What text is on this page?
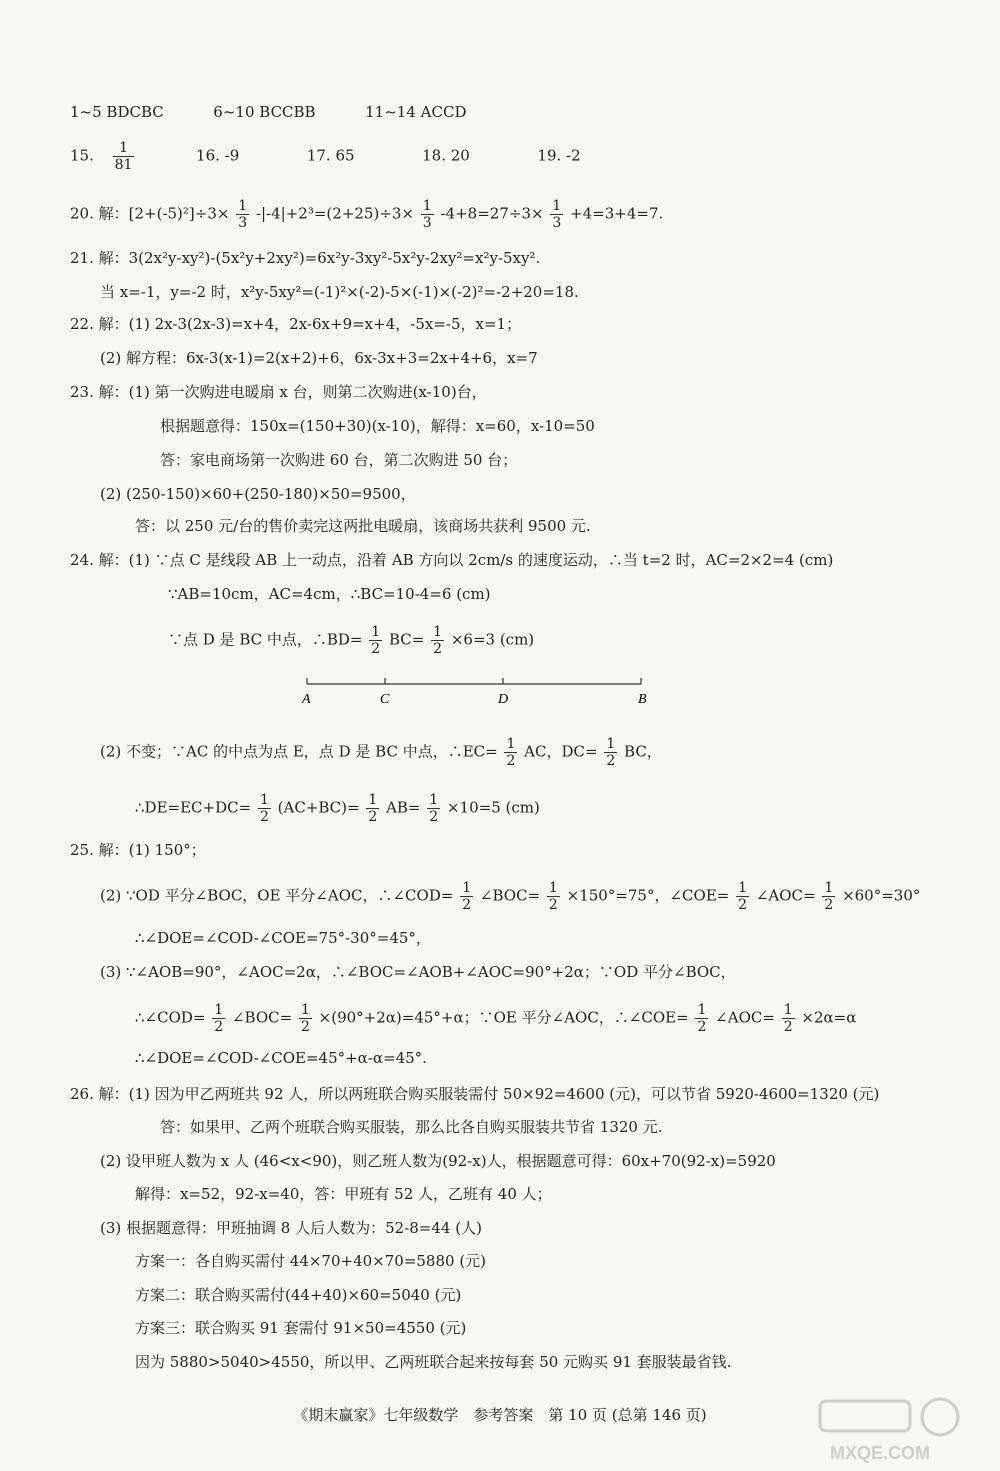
1~5 BDCBC	6~10 BCCBB	11~14 ACCD
15. $\frac{1}{81}$	16. -9	17. 65	18. 20	19. -2
20. 解：$[2+(-5)^2]\div 3\times \frac{1}{3} -|-4|+2^3=(2+25)\div 3\times \frac{1}{3} -4+8=27\div 3\times \frac{1}{3} +4=3+4=7$.
21. 解：3(2x²y-xy²)-(5x²y+2xy²)=6x²y-3xy²-5x²y-2xy²=x²y-5xy².
当 x=-1，y=-2 时，x²y-5xy²=(-1)²×(-2)-5×(-1)×(-2)²=-2+20=18.
22. 解：(1) 2x-3(2x-3)=x+4，2x-6x+9=x+4，-5x=-5，x=1；
(2) 解方程：6x-3(x-1)=2(x+2)+6，6x-3x+3=2x+4+6，x=7
23. 解：(1) 第一次购进电暖扇 x 台，则第二次购进(x-10)台，
根据题意得：150x=(150+30)(x-10)，解得：x=60，x-10=50
答：家电商场第一次购进 60 台，第二次购进 50 台；
(2) (250-150)×60+(250-180)×50=9500，
答：以 250 元/台的售价卖完这两批电暖扇，该商场共获利 9500 元.
24. 解：(1) ∵点 C 是线段 AB 上一动点，沿着 AB 方向以 2cm/s 的速度运动，∴当 t=2 时，AC=2×2=4 (cm)
∵AB=10cm，AC=4cm，∴BC=10-4=6 (cm)
∵点 D 是 BC 中点，∴BD= $\frac{1}{2} BC= \frac{1}{2} \times 6=3$ (cm)
A	C	D	B
(2) 不变；∵AC 的中点为点 E，点 D 是 BC 中点，∴EC= $\frac{1}{2}$ AC，$DC= \frac{1}{2}$ BC，
∴DE=EC+DC= $\frac{1}{2} (AC+BC)= \frac{1}{2} AB= \frac{1}{2} \times 10=5$ (cm)
25. 解：(1) 150°；
(2) ∵OD 平分∠BOC，OE 平分∠AOC，∴∠COD= $\frac{1}{2}$ ∠BOC= $\frac{1}{2} \times 150^\circ=75^\circ$，∠COE= $\frac{1}{2}$ ∠AOC= $\frac{1}{2} \times 60^\circ=30^\circ$
∴∠DOE=∠COD-∠COE=75°-30°=45°，
(3) ∵∠AOB=90°，∠AOC=2α，∴∠BOC=∠AOB+∠AOC=90°+2α；∵OD 平分∠BOC，
∴∠COD= $\frac{1}{2}$ ∠BOC= $\frac{1}{2} \times(90^\circ+2\alpha)=45^\circ+\alpha$；∵OE 平分∠AOC，∴∠COE= $\frac{1}{2}$ ∠AOC= $\frac{1}{2} \times 2\alpha=\alpha$
∴∠DOE=∠COD-∠COE=45°+α-α=45°.
26. 解：(1) 因为甲乙两班共 92 人，所以两班联合购买服装需付 50×92=4600 (元)，可以节省 5920-4600=1320 (元)
答：如果甲、乙两个班联合购买服装，那么比各自购买服装共节省 1320 元.
(2) 设甲班人数为 x 人 (46<x<90)，则乙班人数为(92-x)人，根据题意可得：60x+70(92-x)=5920
解得：x=52，92-x=40，答：甲班有 52 人，乙班有 40 人；
(3) 根据题意得：甲班抽调 8 人后人数为：52-8=44 (人)
方案一：各自购买需付 44×70+40×70=5880 (元)
方案二：联合购买需付(44+40)×60=5040 (元)
方案三：联合购买 91 套需付 91×50=4550 (元)
因为 5880>5040>4550，所以甲、乙两班联合起来按每套 50 元购买 91 套服装最省钱.
《期末赢家》七年级数学　参考答案　第 10 页 (总第 146 页)
MXQE.COM
